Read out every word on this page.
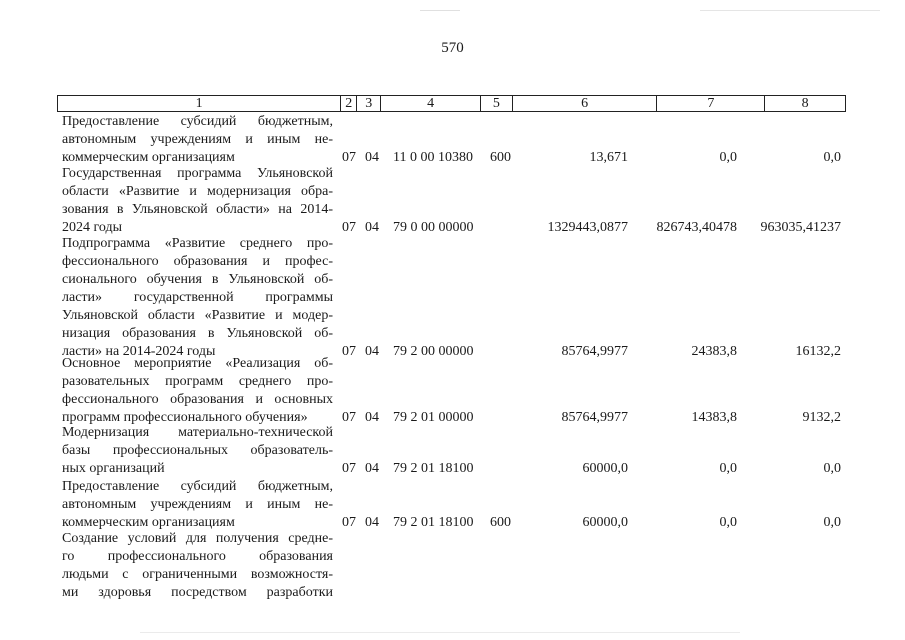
570
1	2 3	4	5	6	7	8
Предоставление субсидий бюджетным,
автономным учреждениям и иным не-
коммерческим организациям	07 04 11 0 00 10380 600	13,671	0,0	0,0
Государственная программа Ульяновской
области «Развитие и модернизация обра-
зования в Ульяновской области» на 2014-
2024 годы	07 04 79 0 00 00000	1329443,0877 826743,40478 963035,41237
Подпрограмма «Развитие среднего про-
фессионального образования и профес-
сионального обучения в Ульяновской об-
ласти» государственной программы
Ульяновской области «Развитие и модер-
низация образования в Ульяновской об-
ласти» на 2014-2024 годы	07 04 79 2 00 00000	85764,9977	24383,8	16132,2
Основное мероприятие «Реализация об-
разовательных программ среднего про-
фессионального образования и основных
программ профессионального обучения»	07 04 79 2 01 00000	85764,9977	14383,8	9132,2
Модернизация материально-технической
базы профессиональных образователь-
ных организаций	07 04 79 2 01 18100	60000,0	0,0	0,0
Предоставление субсидий бюджетным,
автономным учреждениям и иным не-
коммерческим организациям	07 04 79 2 01 18100 600	60000,0	0,0	0,0
Создание условий для получения средне-
го профессионального образования
людьми с ограниченными возможностя-
ми здоровья посредством разработки
